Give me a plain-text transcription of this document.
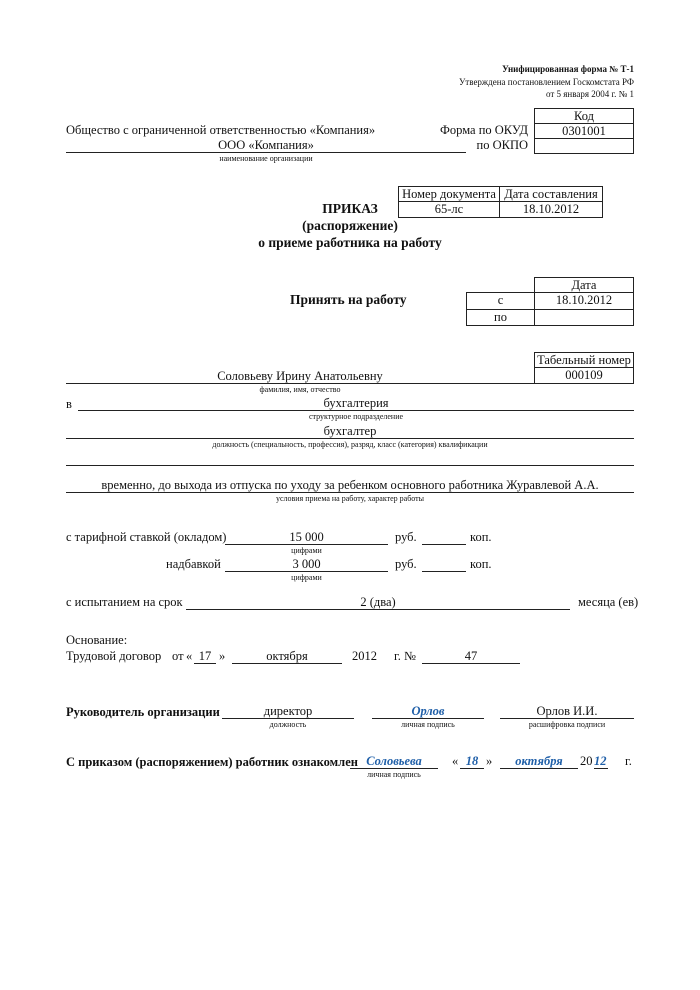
Унифицированная форма № Т-1
Утверждена постановлением Госкомстата РФ
от 5 января 2004 г. № 1
Код
0301001
Форма по ОКУД
по ОКПО
Общество с ограниченной ответственностью «Компания»
ООО «Компания»
наименование организации
Номер документа Дата составления
65-лс	18.10.2012
ПРИКАЗ
(распоряжение)
о приеме работника на работу
Принять на работу
Дата
с	18.10.2012
по
Табельный номер
000109
Соловьеву Ирину Анатольевну
фамилия, имя, отчество
в	бухгалтерия
структурное подразделение
бухгалтер
должность (специальность, профессия), разряд, класс (категория) квалификации
временно, до выхода из отпуска по уходу за ребенком основного работника Журавлевой А.А.
условия приема на работу, характер работы
с тарифной ставкой (окладом)	15 000
цифрами
руб.	коп.
надбавкой	3 000
цифрами
руб.	коп.
с испытанием на срок	2 (два)	месяца (ев)
Основание:
Трудовой договор от « 17 »	октября	2012 г. №	47
Руководитель организации	директор
должность
Орлов
личная подпись
Орлов И.И.
расшифровка подписи
С приказом (распоряжением) работник ознакомлен Соловьева
личная подпись
« 18 »	октября	20 12 г.
